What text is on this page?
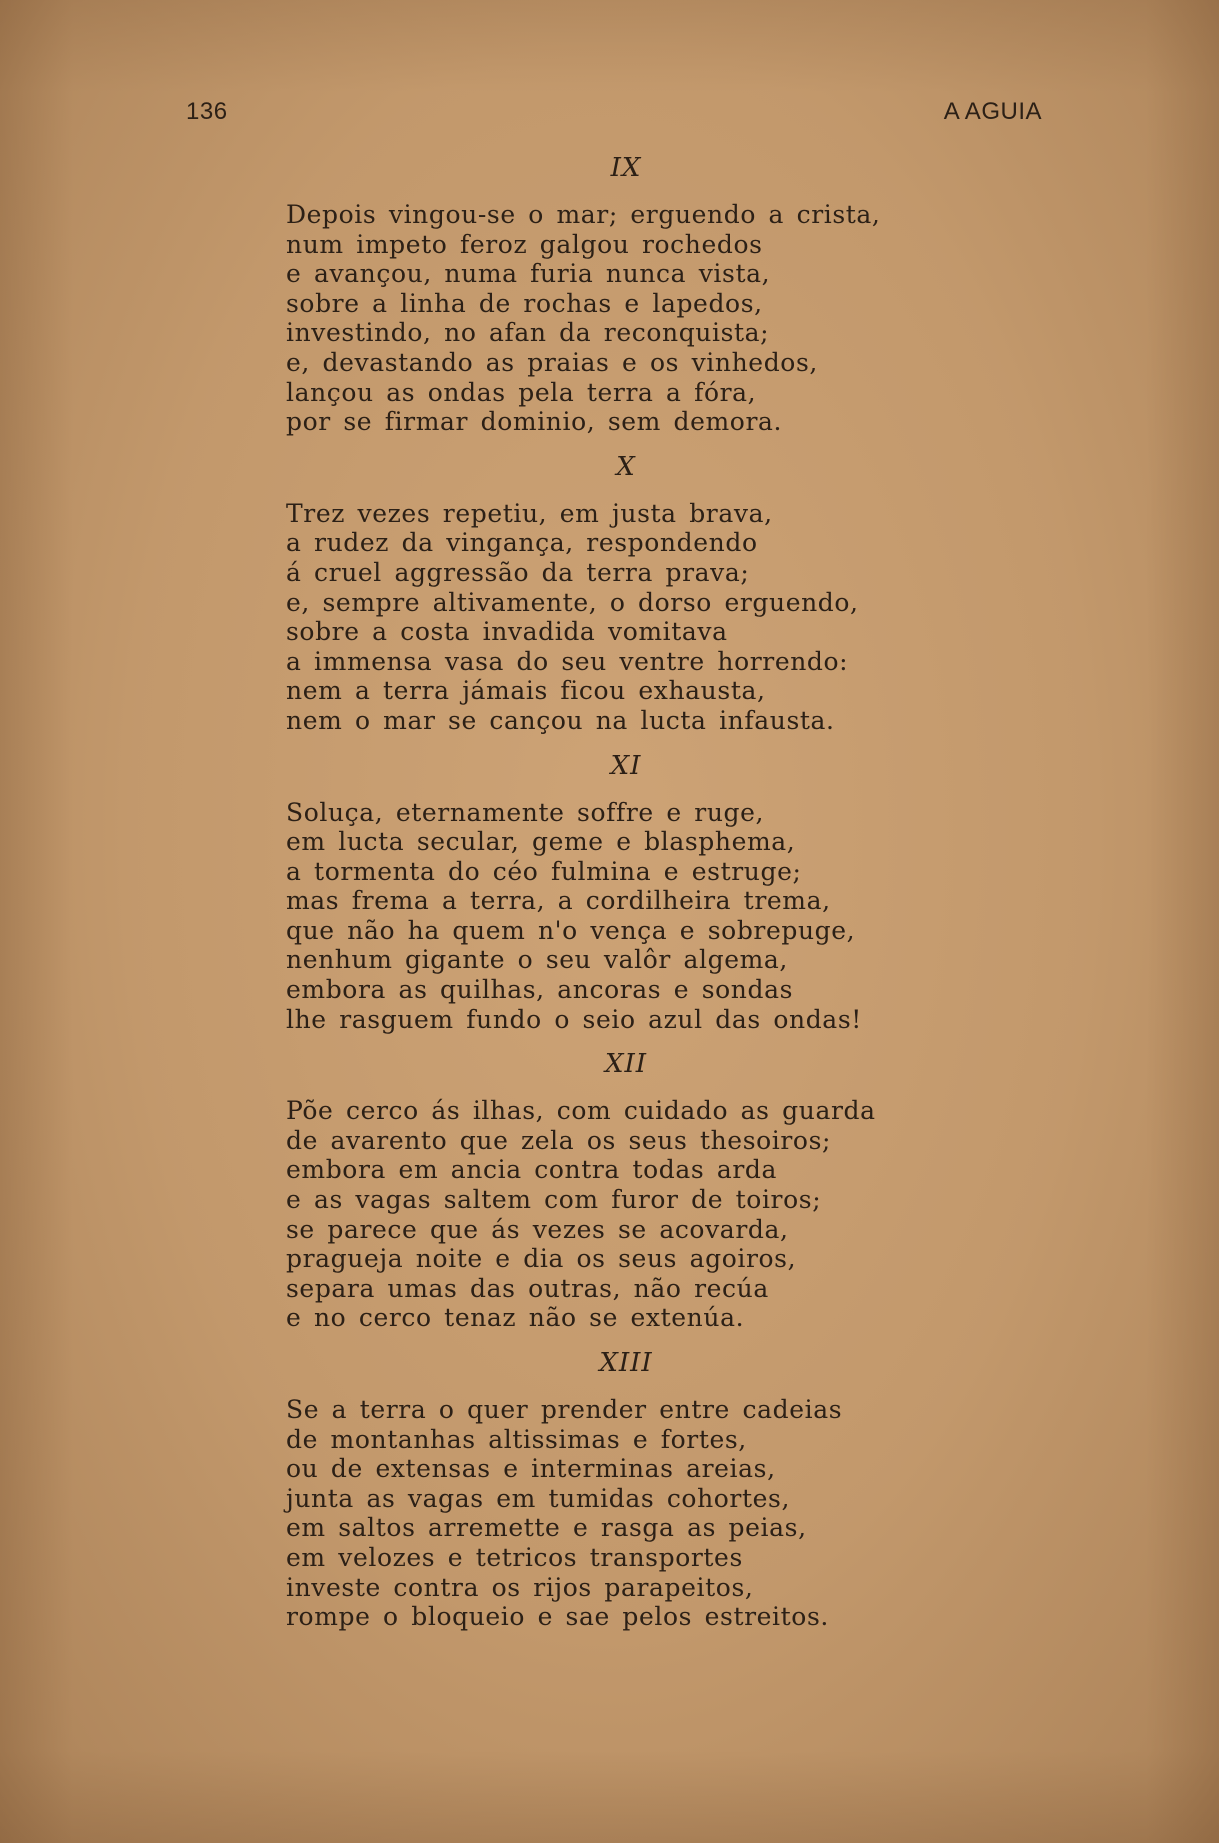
136	A AGUIA
IX
Depois vingou-se o mar; erguendo a crista,
num impeto feroz galgou rochedos
e avançou, numa furia nunca vista,
sobre a linha de rochas e lapedos,
investindo, no afan da reconquista;
e, devastando as praias e os vinhedos,
lançou as ondas pela terra a fóra,
por se firmar dominio, sem demora.
X
Trez vezes repetiu, em justa brava,
a rudez da vingança, respondendo
á cruel aggressão da terra prava;
e, sempre altivamente, o dorso erguendo,
sobre a costa invadida vomitava
a immensa vasa do seu ventre horrendo:
nem a terra jámais ficou exhausta,
nem o mar se cançou na lucta infausta.
XI
Soluça, eternamente soffre e ruge,
em lucta secular, geme e blasphema,
a tormenta do céo fulmina e estruge;
mas frema a terra, a cordilheira trema,
que não ha quem n'o vença e sobrepuge,
nenhum gigante o seu valôr algema,
embora as quilhas, ancoras e sondas
lhe rasguem fundo o seio azul das ondas!
XII
Põe cerco ás ilhas, com cuidado as guarda
de avarento que zela os seus thesoiros;
embora em ancia contra todas arda
e as vagas saltem com furor de toiros;
se parece que ás vezes se acovarda,
pragueja noite e dia os seus agoiros,
separa umas das outras, não recúa
e no cerco tenaz não se extenúa.
XIII
Se a terra o quer prender entre cadeias
de montanhas altissimas e fortes,
ou de extensas e interminas areias,
junta as vagas em tumidas cohortes,
em saltos arremette e rasga as peias,
em velozes e tetricos transportes
investe contra os rijos parapeitos,
rompe o bloqueio e sae pelos estreitos.
